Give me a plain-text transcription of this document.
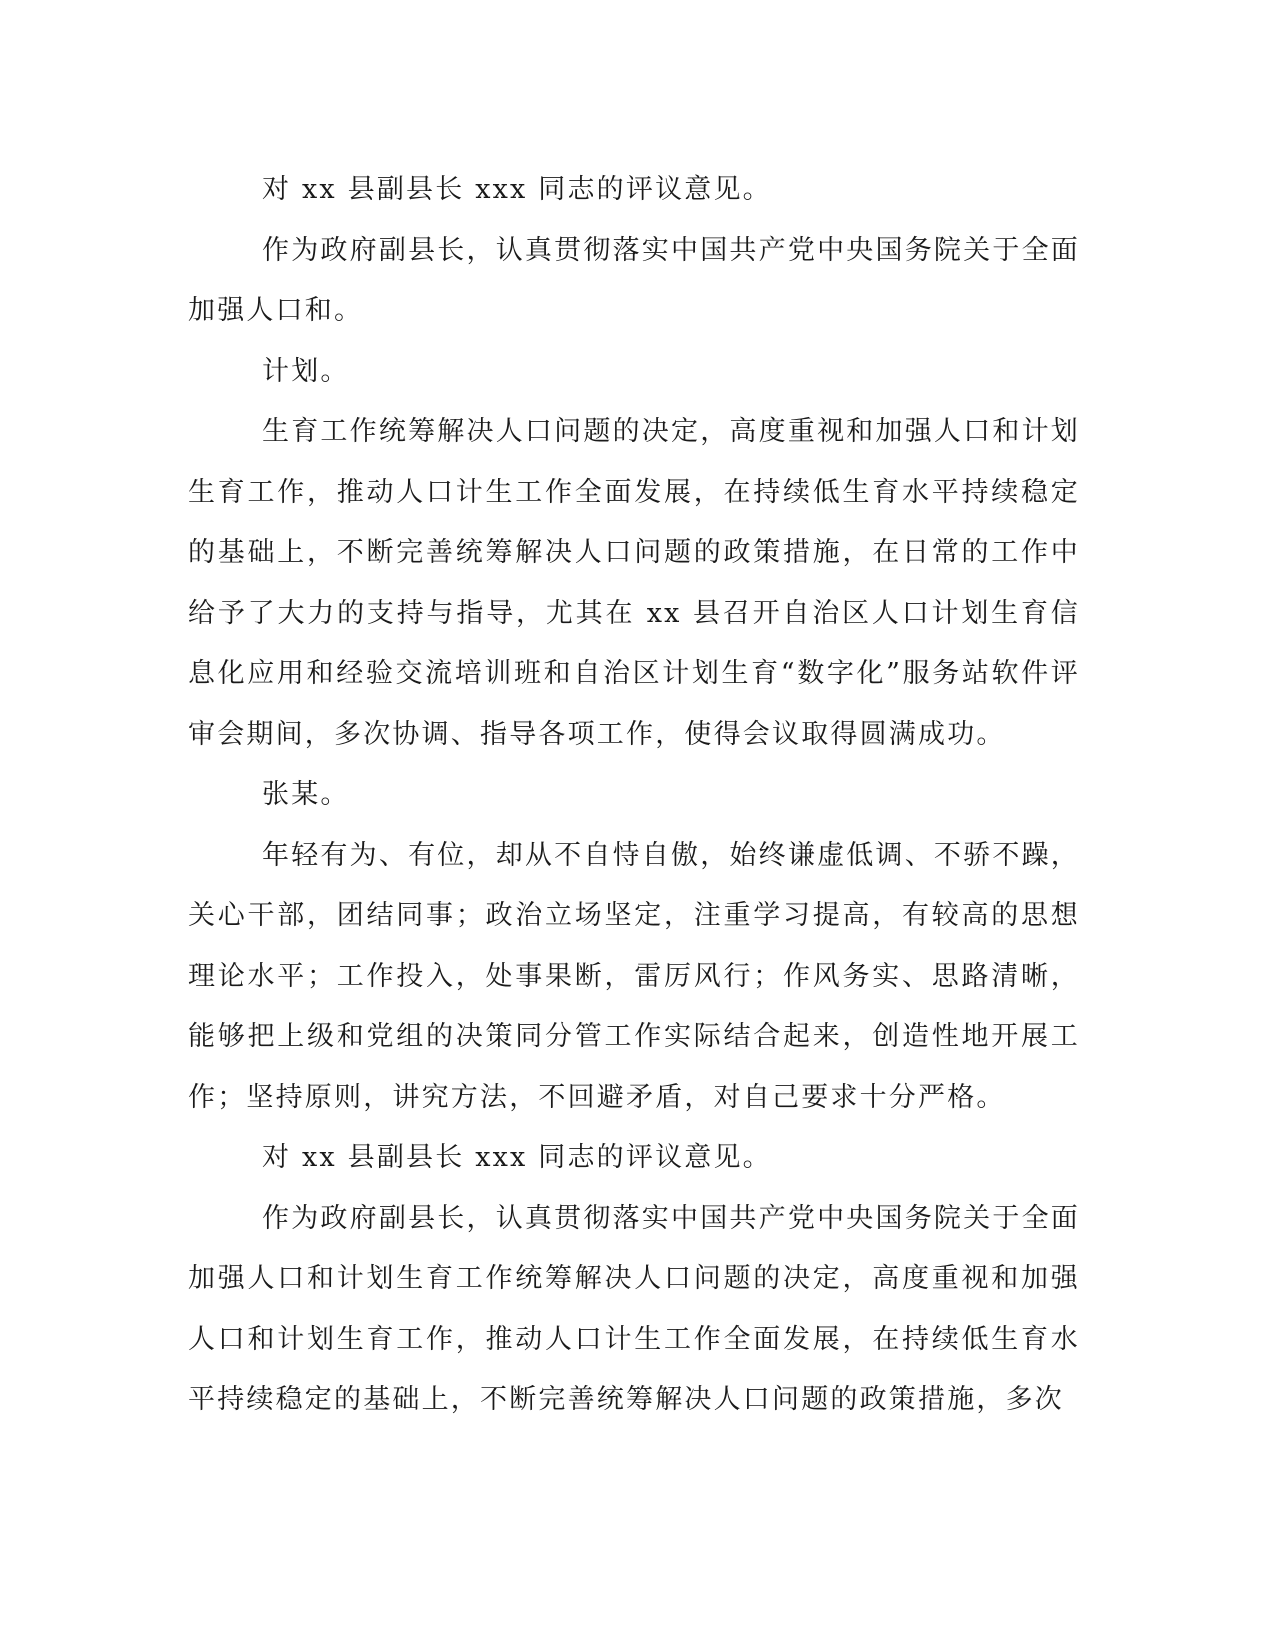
对 xx 县副县长 xxx 同志的评议意见。

作为政府副县长，认真贯彻落实中国共产党中央国务院关于全面加强人口和。

计划。

生育工作统筹解决人口问题的决定，高度重视和加强人口和计划生育工作，推动人口计生工作全面发展，在持续低生育水平持续稳定的基础上，不断完善统筹解决人口问题的政策措施，在日常的工作中给予了大力的支持与指导，尤其在 xx 县召开自治区人口计划生育信息化应用和经验交流培训班和自治区计划生育“数字化”服务站软件评审会期间，多次协调、指导各项工作，使得会议取得圆满成功。

张某。

年轻有为、有位，却从不自恃自傲，始终谦虚低调、不骄不躁，关心干部，团结同事；政治立场坚定，注重学习提高，有较高的思想理论水平；工作投入，处事果断，雷厉风行；作风务实、思路清晰，能够把上级和党组的决策同分管工作实际结合起来，创造性地开展工作；坚持原则，讲究方法，不回避矛盾，对自己要求十分严格。

对 xx 县副县长 xxx 同志的评议意见。

作为政府副县长，认真贯彻落实中国共产党中央国务院关于全面加强人口和计划生育工作统筹解决人口问题的决定，高度重视和加强人口和计划生育工作，推动人口计生工作全面发展，在持续低生育水平持续稳定的基础上，不断完善统筹解决人口问题的政策措施，多次
